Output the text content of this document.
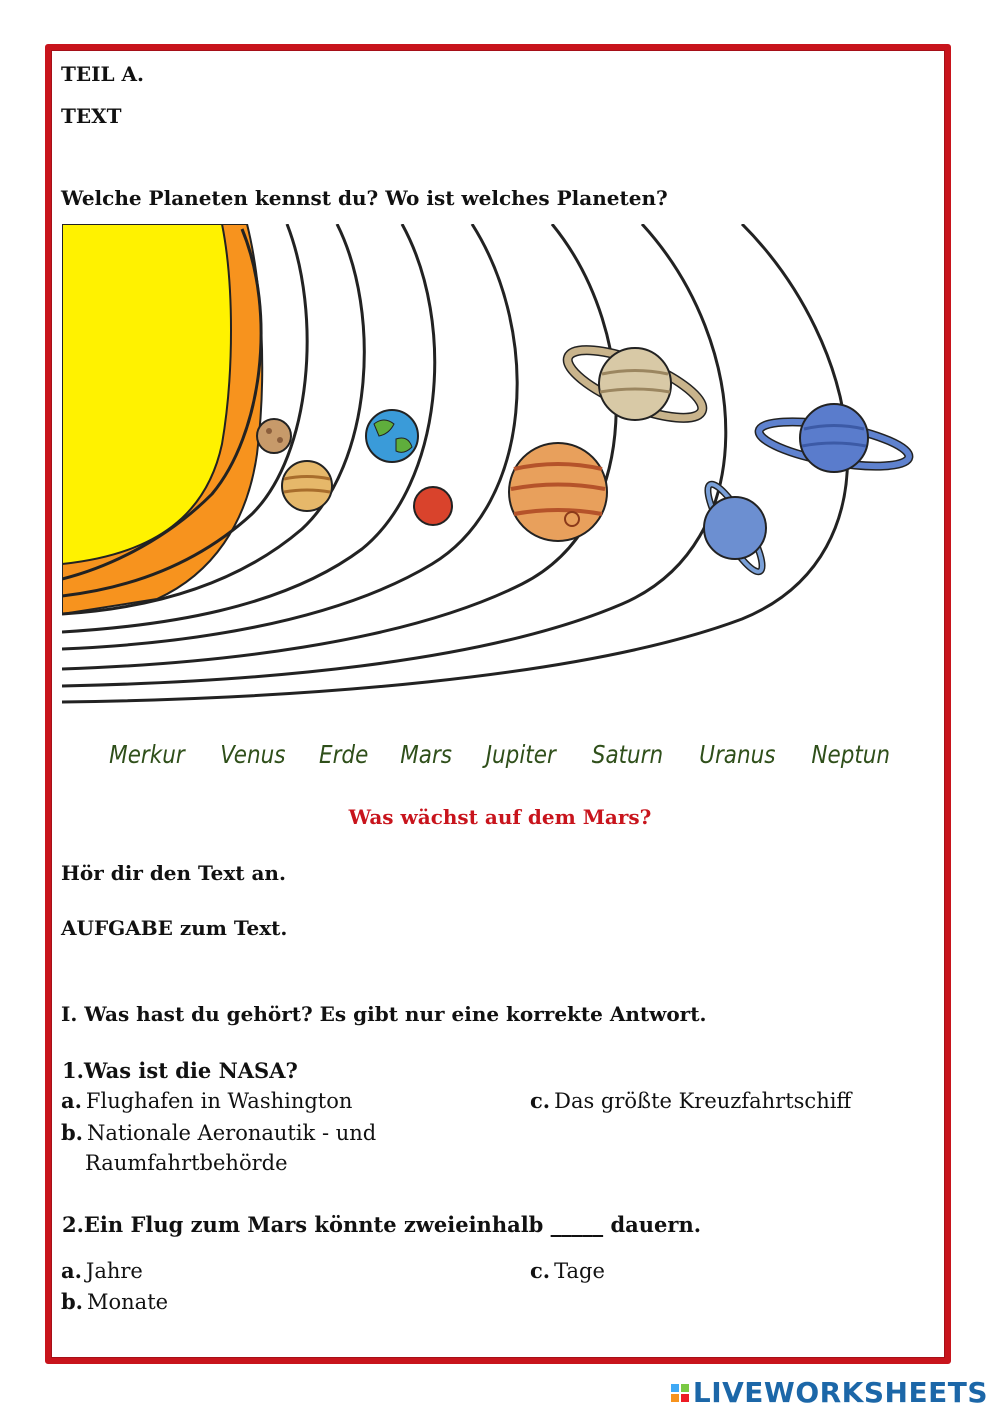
TEIL A.
TEXT
Welche Planeten kennst du? Wo ist welches Planeten?
Merkur Venus Erde Mars Jupiter Saturn Uranus Neptun
Was wächst auf dem Mars?
Hör dir den Text an.
AUFGABE zum Text.
I. Was hast du gehört? Es gibt nur eine korrekte Antwort.
1.Was ist die NASA?
a. Flughafen in Washington
b. Nationale Aeronautik - und
Raumfahrtbehörde
c. Das größte Kreuzfahrtschiff
2.Ein Flug zum Mars könnte zweieinhalb _____ dauern.
a. Jahre
b. Monate
c. Tage
LIVEWORKSHEETS
